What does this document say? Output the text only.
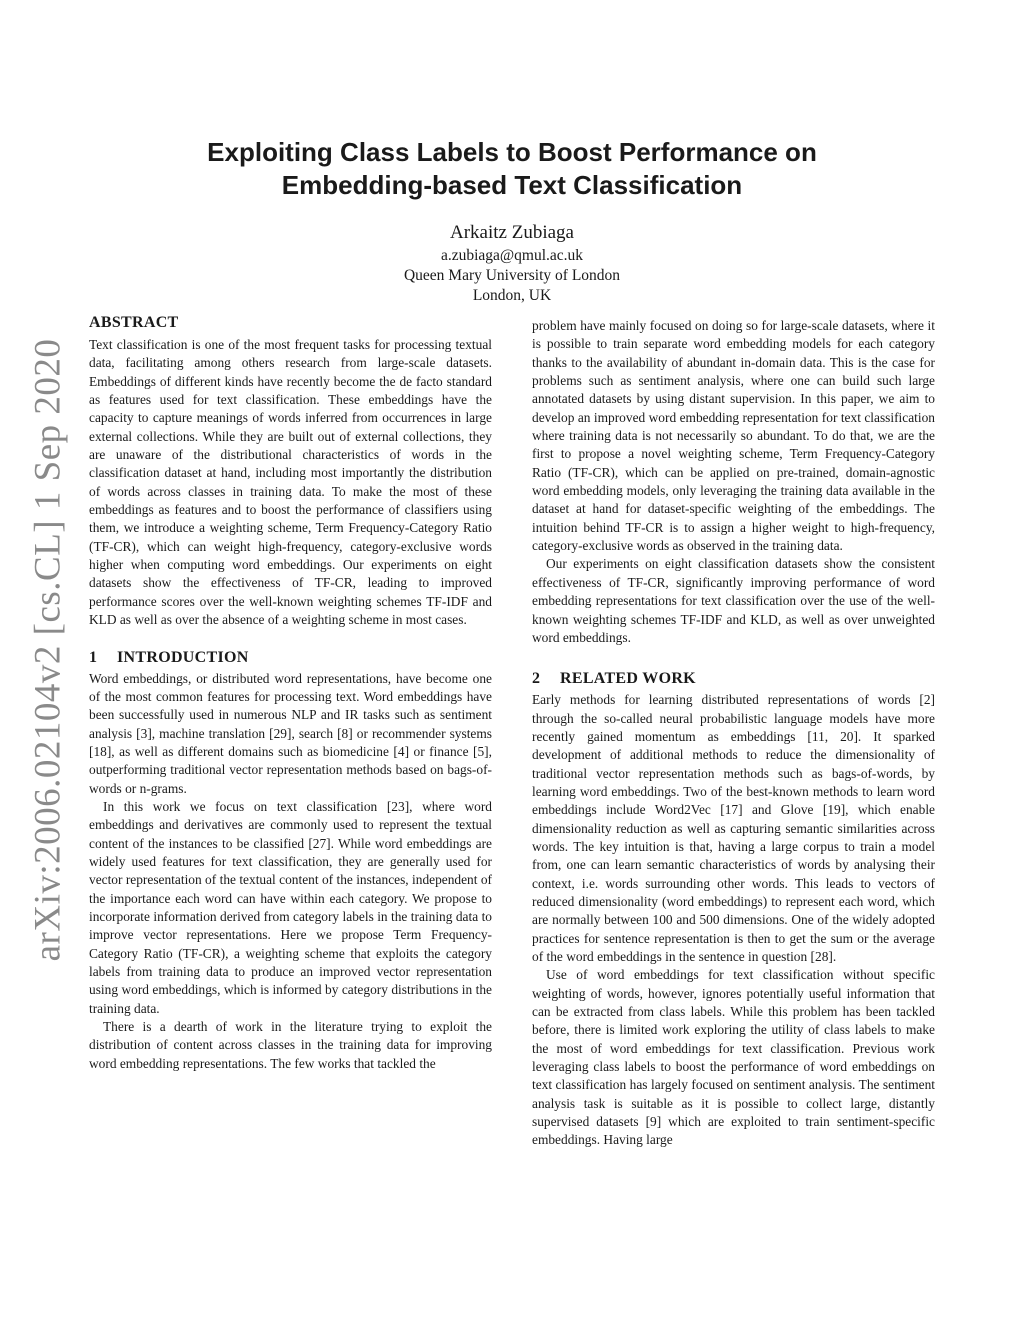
arXiv:2006.02104v2 [cs.CL] 1 Sep 2020
Exploiting Class Labels to Boost Performance on
Embedding-based Text Classification
Arkaitz Zubiaga
a.zubiaga@qmul.ac.uk
Queen Mary University of London
London, UK
ABSTRACT

Text classification is one of the most frequent tasks for processing textual data, facilitating among others research from large-scale datasets. Embeddings of different kinds have recently become the de facto standard as features used for text classification. These embeddings have the capacity to capture meanings of words inferred from occurrences in large external collections. While they are built out of external collections, they are unaware of the distributional characteristics of words in the classification dataset at hand, including most importantly the distribution of words across classes in training data. To make the most of these embeddings as features and to boost the performance of classifiers using them, we introduce a weighting scheme, Term Frequency-Category Ratio (TF-CR), which can weight high-frequency, category-exclusive words higher when computing word embeddings. Our experiments on eight datasets show the effectiveness of TF-CR, leading to improved performance scores over the well-known weighting schemes TF-IDF and KLD as well as over the absence of a weighting scheme in most cases.

1 INTRODUCTION

Word embeddings, or distributed word representations, have become one of the most common features for processing text. Word embeddings have been successfully used in numerous NLP and IR tasks such as sentiment analysis [3], machine translation [29], search [8] or recommender systems [18], as well as different domains such as biomedicine [4] or finance [5], outperforming traditional vector representation methods based on bags-of-words or n-grams.

In this work we focus on text classification [23], where word embeddings and derivatives are commonly used to represent the textual content of the instances to be classified [27]. While word embeddings are widely used features for text classification, they are generally used for vector representation of the textual content of the instances, independent of the importance each word can have within each category. We propose to incorporate information derived from category labels in the training data to improve vector representations. Here we propose Term Frequency-Category Ratio (TF-CR), a weighting scheme that exploits the category labels from training data to produce an improved vector representation using word embeddings, which is informed by category distributions in the training data.

There is a dearth of work in the literature trying to exploit the distribution of content across classes in the training data for improving word embedding representations. The few works that tackled the

problem have mainly focused on doing so for large-scale datasets, where it is possible to train separate word embedding models for each category thanks to the availability of abundant in-domain data. This is the case for problems such as sentiment analysis, where one can build such large annotated datasets by using distant supervision. In this paper, we aim to develop an improved word embedding representation for text classification where training data is not necessarily so abundant. To do that, we are the first to propose a novel weighting scheme, Term Frequency-Category Ratio (TF-CR), which can be applied on pre-trained, domain-agnostic word embedding models, only leveraging the training data available in the dataset at hand for dataset-specific weighting of the embeddings. The intuition behind TF-CR is to assign a higher weight to high-frequency, category-exclusive words as observed in the training data.

Our experiments on eight classification datasets show the consistent effectiveness of TF-CR, significantly improving performance of word embedding representations for text classification over the use of the well-known weighting schemes TF-IDF and KLD, as well as over unweighted word embeddings.

2 RELATED WORK

Early methods for learning distributed representations of words [2] through the so-called neural probabilistic language models have more recently gained momentum as embeddings [11, 20]. It sparked development of additional methods to reduce the dimensionality of traditional vector representation methods such as bags-of-words, by learning word embeddings. Two of the best-known methods to learn word embeddings include Word2Vec [17] and Glove [19], which enable dimensionality reduction as well as capturing semantic similarities across words. The key intuition is that, having a large corpus to train a model from, one can learn semantic characteristics of words by analysing their context, i.e. words surrounding other words. This leads to vectors of reduced dimensionality (word embeddings) to represent each word, which are normally between 100 and 500 dimensions. One of the widely adopted practices for sentence representation is then to get the sum or the average of the word embeddings in the sentence in question [28].

Use of word embeddings for text classification without specific weighting of words, however, ignores potentially useful information that can be extracted from class labels. While this problem has been tackled before, there is limited work exploring the utility of class labels to make the most of word embeddings for text classification. Previous work leveraging class labels to boost the performance of word embeddings on text classification has largely focused on sentiment analysis. The sentiment analysis task is suitable as it is possible to collect large, distantly supervised datasets [9] which are exploited to train sentiment-specific embeddings. Having large
